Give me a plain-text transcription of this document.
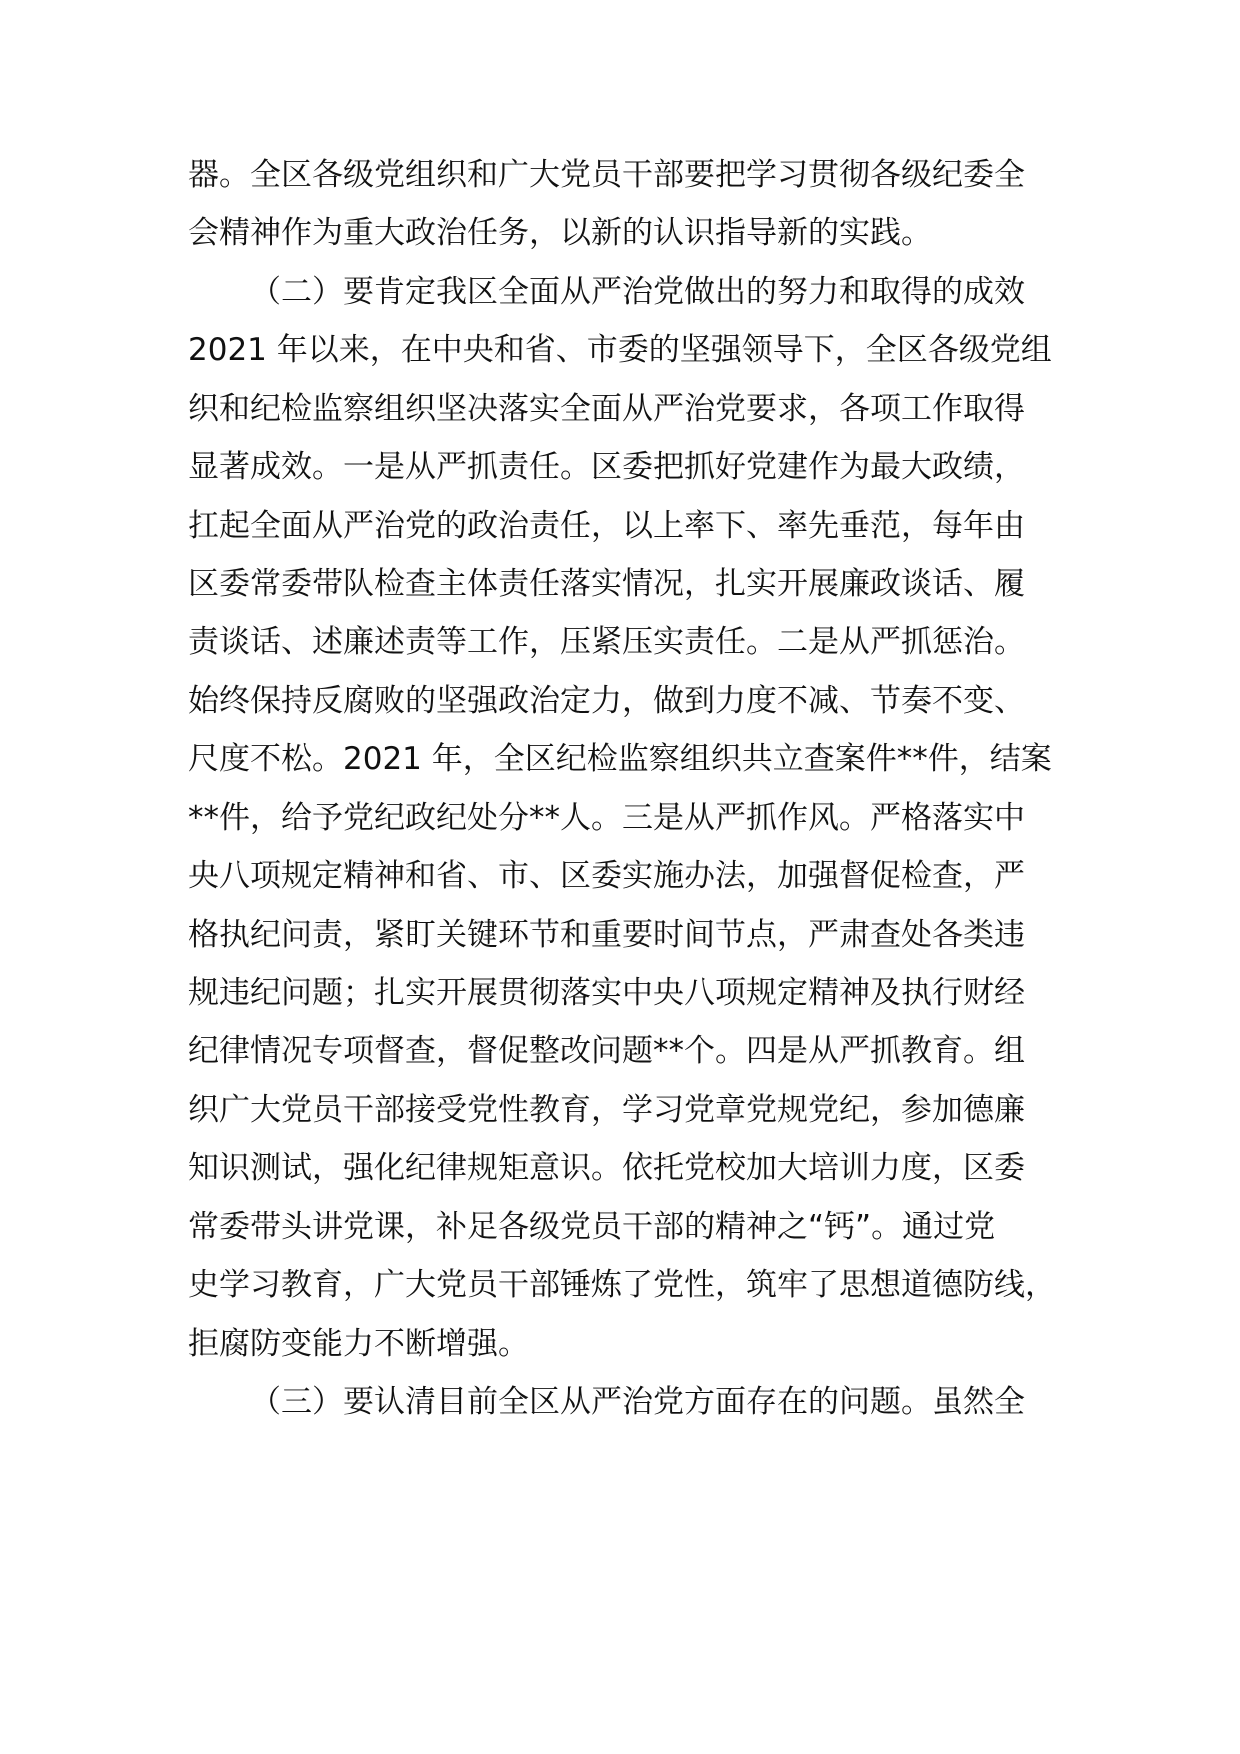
器。全区各级党组织和广大党员干部要把学习贯彻各级纪委全
会精神作为重大政治任务，以新的认识指导新的实践。
（二）要肯定我区全面从严治党做出的努力和取得的成效
2021 年以来，在中央和省、市委的坚强领导下，全区各级党组
织和纪检监察组织坚决落实全面从严治党要求，各项工作取得
显著成效。一是从严抓责任。区委把抓好党建作为最大政绩，
扛起全面从严治党的政治责任，以上率下、率先垂范，每年由
区委常委带队检查主体责任落实情况，扎实开展廉政谈话、履
责谈话、述廉述责等工作，压紧压实责任。二是从严抓惩治。
始终保持反腐败的坚强政治定力，做到力度不减、节奏不变、
尺度不松。2021 年，全区纪检监察组织共立查案件**件，结案
**件，给予党纪政纪处分**人。三是从严抓作风。严格落实中
央八项规定精神和省、市、区委实施办法，加强督促检查，严
格执纪问责，紧盯关键环节和重要时间节点，严肃查处各类违
规违纪问题；扎实开展贯彻落实中央八项规定精神及执行财经
纪律情况专项督查，督促整改问题**个。四是从严抓教育。组
织广大党员干部接受党性教育，学习党章党规党纪，参加德廉
知识测试，强化纪律规矩意识。依托党校加大培训力度，区委
常委带头讲党课，补足各级党员干部的精神之“钙”。通过党
史学习教育，广大党员干部锤炼了党性，筑牢了思想道德防线，
拒腐防变能力不断增强。
（三）要认清目前全区从严治党方面存在的问题。虽然全
